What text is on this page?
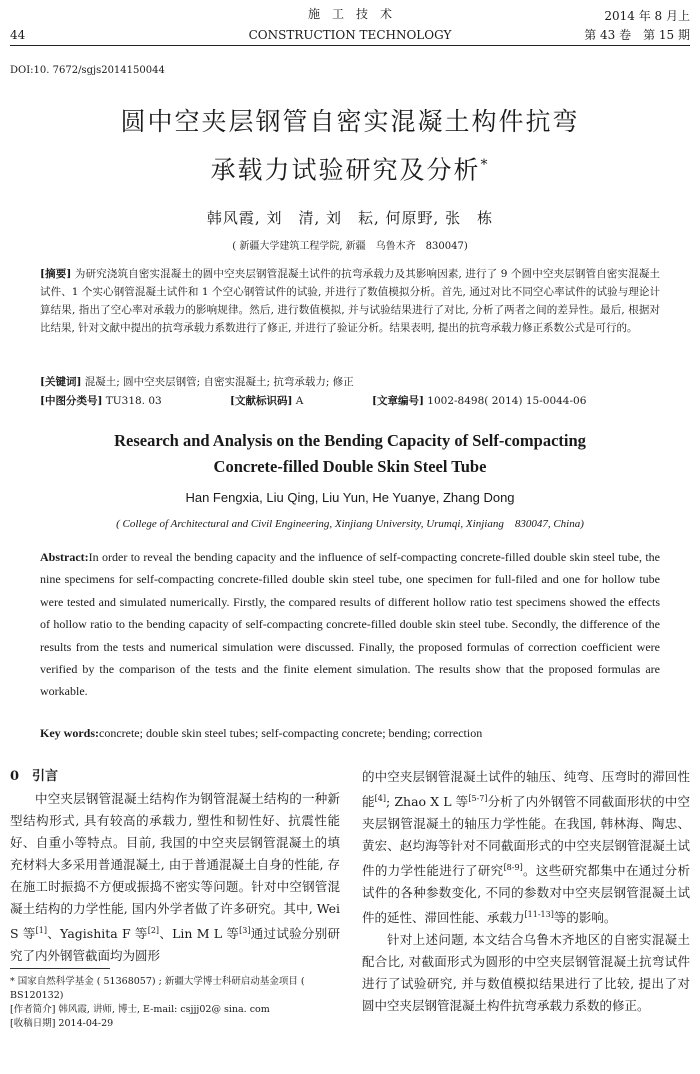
施　工　技　术
44	CONSTRUCTION TECHNOLOGY
2014 年 8 月上
第 43 卷　第 15 期
DOI:10. 7672/sgjs2014150044
圆中空夹层钢管自密实混凝土构件抗弯
承载力试验研究及分析*
韩风霞, 刘　清, 刘　耘, 何原野, 张　栋
( 新疆大学建筑工程学院, 新疆　乌鲁木齐　830047)

[摘要] 为研究浇筑自密实混凝土的圆中空夹层钢管混凝土试件的抗弯承载力及其影响因素, 进行了 9 个圆中空夹层钢管自密实混凝土试件、1 个实心钢管混凝土试件和 1 个空心钢管试件的试验, 并进行了数值模拟分析。首先, 通过对比不同空心率试件的试验与理论计算结果, 指出了空心率对承载力的影响规律。然后, 进行数值模拟, 并与试验结果进行了对比, 分析了两者之间的差异性。最后, 根据对比结果, 针对文献中提出的抗弯承载力系数进行了修正, 并进行了验证分析。结果表明, 提出的抗弯承载力修正系数公式是可行的。

[关键词] 混凝土; 圆中空夹层钢管; 自密实混凝土; 抗弯承载力; 修正
[中图分类号] TU318. 03	[文献标识码] A	[文章编号] 1002-8498( 2014) 15-0044-06
Research and Analysis on the Bending Capacity of Self-compacting
Concrete-filled Double Skin Steel Tube
Han Fengxia, Liu Qing, Liu Yun, He Yuanye, Zhang Dong
( College of Architectural and Civil Engineering, Xinjiang University, Urumqi, Xinjiang　830047, China)

Abstract:In order to reveal the bending capacity and the influence of self-compacting concrete-filled double skin steel tube, the nine specimens for self-compacting concrete-filled double skin steel tube, one specimen for full-filed and one for hollow tube were tested and simulated numerically. Firstly, the compared results of different hollow ratio test specimens showed the effects of hollow ratio to the bending capacity of self-compacting concrete-filled double skin steel tube. Secondly, the difference of the results from the tests and numerical simulation were discussed. Finally, the proposed formulas of correction coefficient were verified by the comparison of the tests and the finite element simulation. The results show that the proposed formulas are workable.

Key words:concrete; double skin steel tubes; self-compacting concrete; bending; correction

0　引言

中空夹层钢管混凝土结构作为钢管混凝土结构的一种新型结构形式, 具有较高的承载力, 塑性和韧性好、抗震性能好、自重小等特点。目前, 我国的中空夹层钢管混凝土的填充材料大多采用普通混凝土, 由于普通混凝土自身的性能, 存在施工时振捣不方便或振捣不密实等问题。针对中空钢管混凝土结构的力学性能, 国内外学者做了许多研究。其中, Wei S 等[1]、Yagishita F 等[2]、Lin M L 等[3]通过试验分别研究了内外钢管截面均为圆形

的中空夹层钢管混凝土试件的轴压、纯弯、压弯时的滞回性能[4]; Zhao X L 等[5-7]分析了内外钢管不同截面形状的中空夹层钢管混凝土的轴压力学性能。在我国, 韩林海、陶忠、黄宏、赵均海等针对不同截面形式的中空夹层钢管混凝土试件的力学性能进行了研究[8-9]。这些研究都集中在通过分析试件的各种参数变化, 不同的参数对中空夹层钢管混凝土试件的延性、滞回性能、承载力[11-13]等的影响。

针对上述问题, 本文结合乌鲁木齐地区的自密实混凝土配合比, 对截面形式为圆形的中空夹层钢管混凝土抗弯试件进行了试验研究, 并与数值模拟结果进行了比较, 提出了对圆中空夹层钢管混凝土构件抗弯承载力系数的修正。

* 国家自然科学基金 ( 51368057) ; 新疆大学博士科研启动基金项目 ( BS120132)

[作者简介] 韩风霞, 讲师, 博士, E-mail: csjjj02@ sina. com

[收稿日期] 2014-04-29
